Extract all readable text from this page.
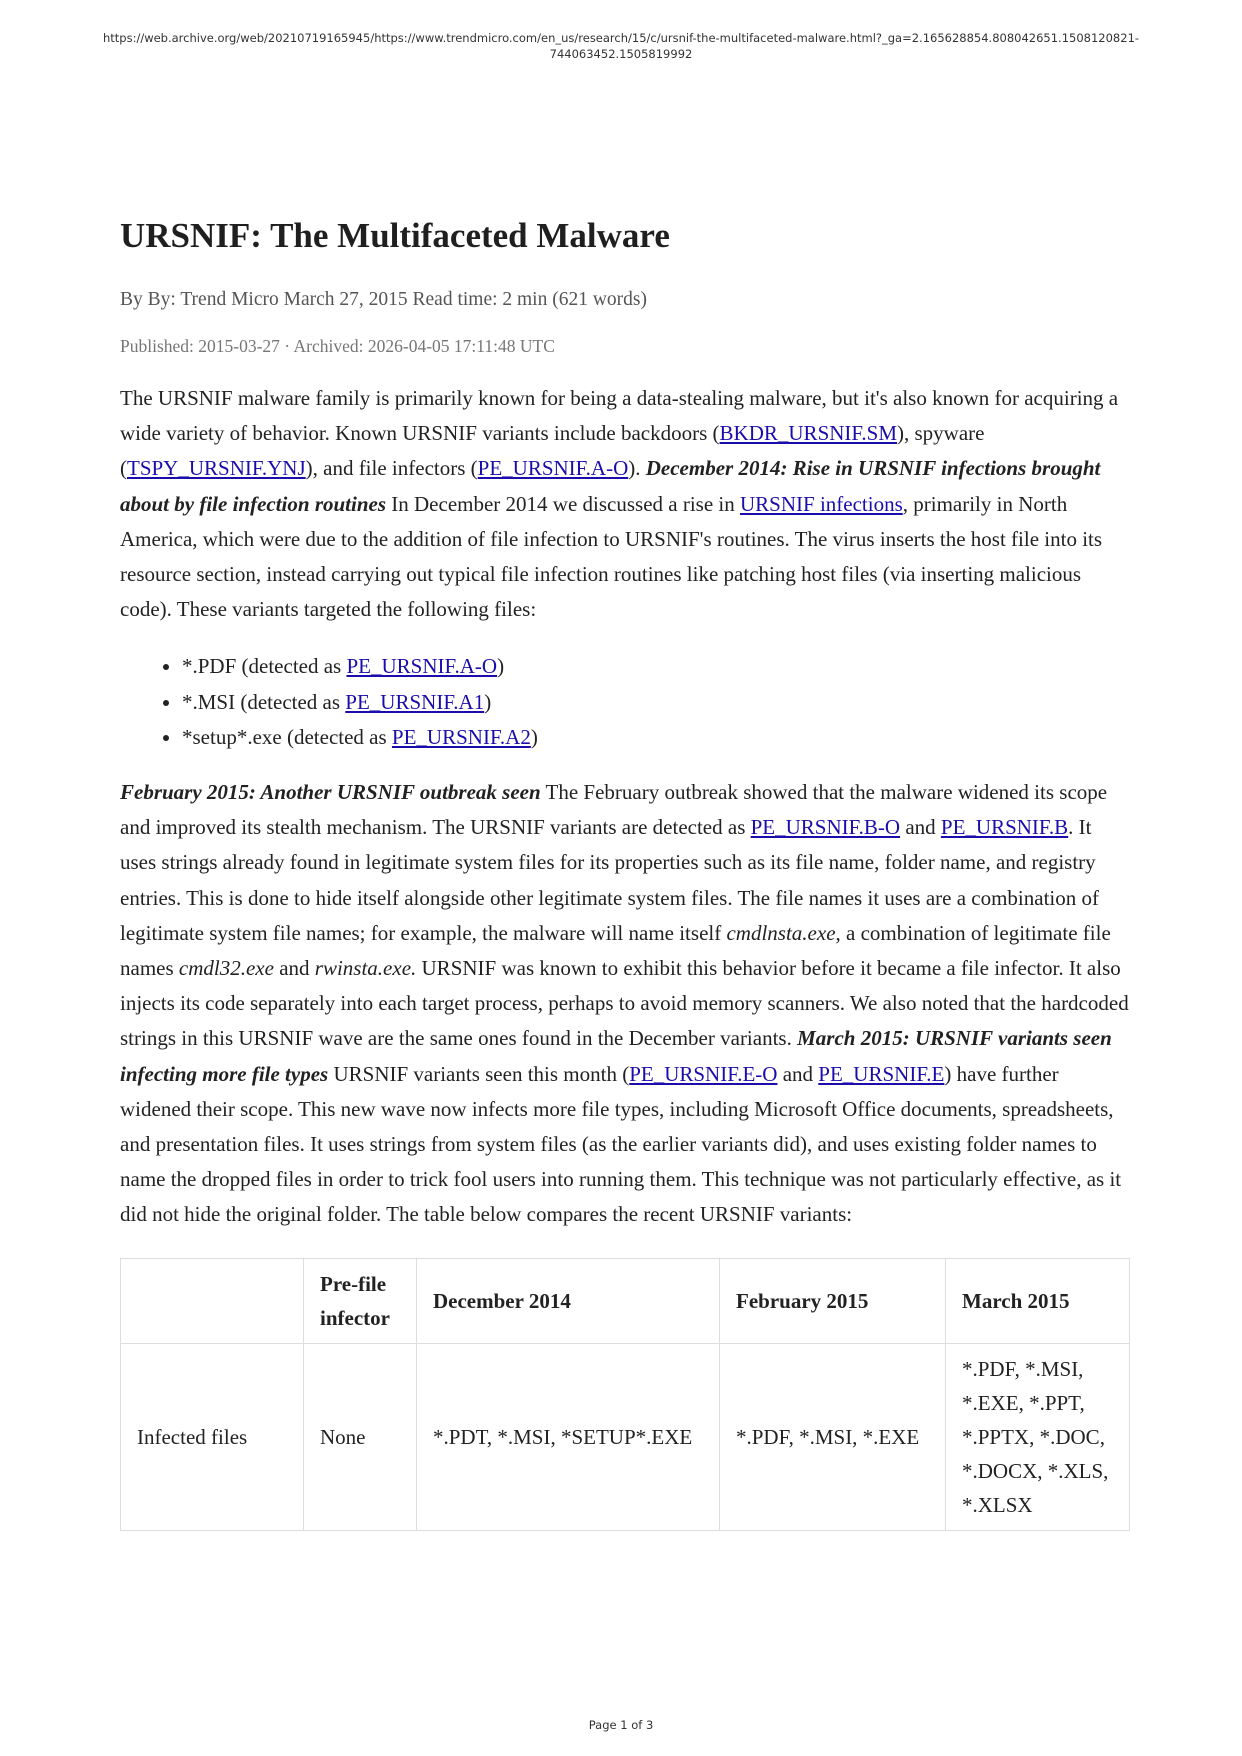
https://web.archive.org/web/20210719165945/https://www.trendmicro.com/en_us/research/15/c/ursnif-the-multifaceted-malware.html?_ga=2.165628854.808042651.1508120821-
744063452.1505819992
URSNIF: The Multifaceted Malware
By By: Trend Micro March 27, 2015 Read time: 2 min (621 words)
Published: 2015-03-27 · Archived: 2026-04-05 17:11:48 UTC

The URSNIF malware family is primarily known for being a data-stealing malware, but it's also known for acquiring a wide variety of behavior. Known URSNIF variants include backdoors (BKDR_URSNIF.SM), spyware (TSPY_URSNIF.YNJ), and file infectors (PE_URSNIF.A-O). December 2014: Rise in URSNIF infections brought about by file infection routines In December 2014 we discussed a rise in URSNIF infections, primarily in North America, which were due to the addition of file infection to URSNIF's routines. The virus inserts the host file into its resource section, instead carrying out typical file infection routines like patching host files (via inserting malicious code). These variants targeted the following files:

• *.PDF (detected as PE_URSNIF.A-O)
• *.MSI (detected as PE_URSNIF.A1)
• *setup*.exe (detected as PE_URSNIF.A2)

February 2015: Another URSNIF outbreak seen The February outbreak showed that the malware widened its scope and improved its stealth mechanism. The URSNIF variants are detected as PE_URSNIF.B-O and PE_URSNIF.B. It uses strings already found in legitimate system files for its properties such as its file name, folder name, and registry entries. This is done to hide itself alongside other legitimate system files. The file names it uses are a combination of legitimate system file names; for example, the malware will name itself cmdlnsta.exe, a combination of legitimate file names cmdl32.exe and rwinsta.exe. URSNIF was known to exhibit this behavior before it became a file infector. It also injects its code separately into each target process, perhaps to avoid memory scanners. We also noted that the hardcoded strings in this URSNIF wave are the same ones found in the December variants. March 2015: URSNIF variants seen infecting more file types URSNIF variants seen this month (PE_URSNIF.E-O and PE_URSNIF.E) have further widened their scope. This new wave now infects more file types, including Microsoft Office documents, spreadsheets, and presentation files. It uses strings from system files (as the earlier variants did), and uses existing folder names to name the dropped files in order to trick fool users into running them. This technique was not particularly effective, as it did not hide the original folder. The table below compares the recent URSNIF variants:

	Pre-file infector	December 2014	February 2015	March 2015
Infected files	None	*.PDT, *.MSI, *SETUP*.EXE	*.PDF, *.MSI, *.EXE	*.PDF, *.MSI, *.EXE, *.PPT, *.PPTX, *.DOC, *.DOCX, *.XLS, *.XLSX
Page 1 of 3
